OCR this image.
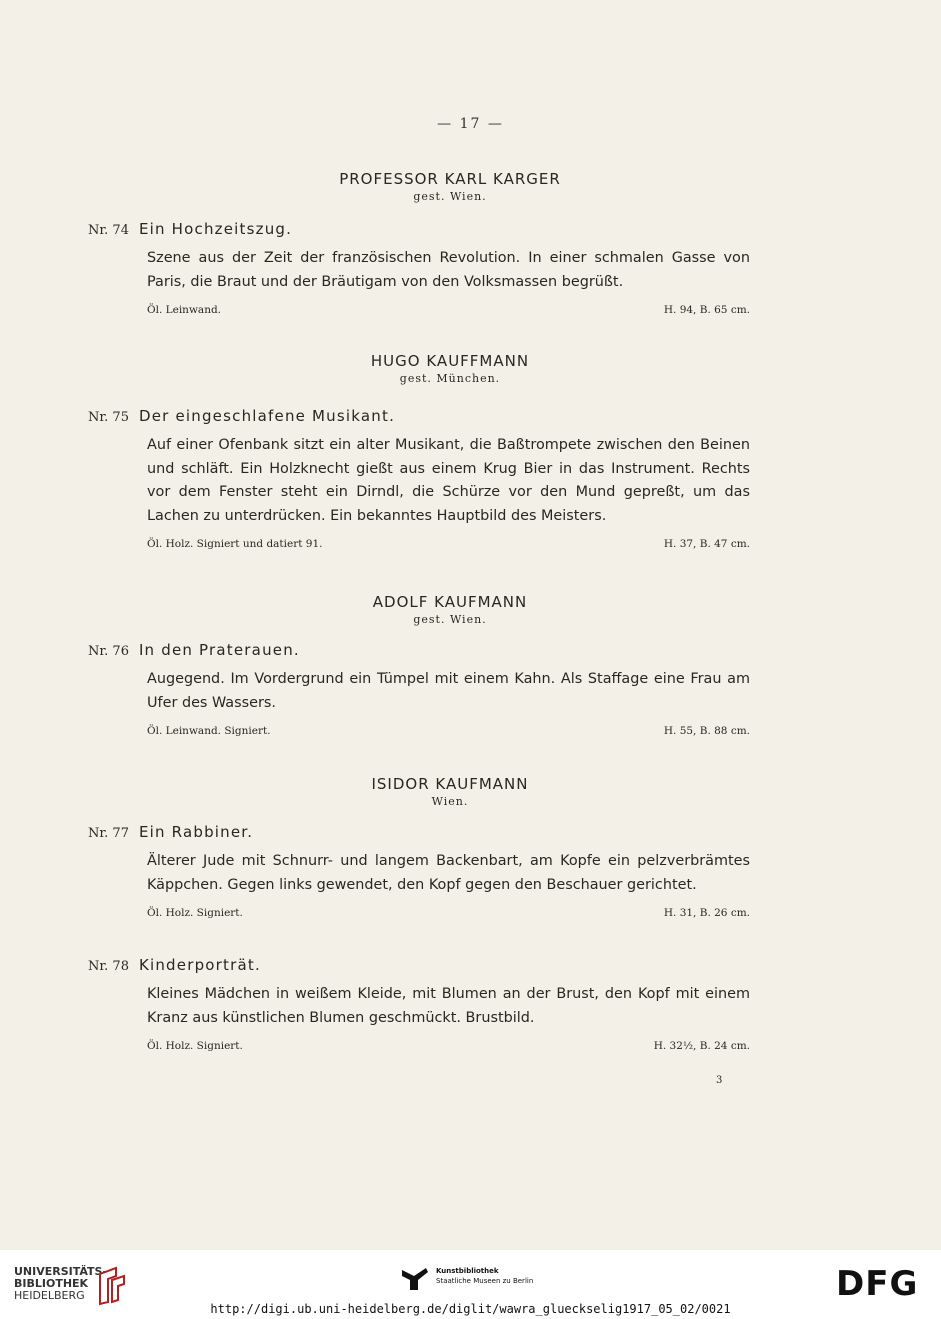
— 17 —
PROFESSOR KARL KARGER
gest. Wien.
Nr. 74 Ein Hochzeitszug.
Szene aus der Zeit der französischen Revolution. In einer schmalen Gasse von Paris, die Braut und der Bräutigam von den Volksmassen begrüßt.
Öl. Leinwand.	H. 94, B. 65 cm.
HUGO KAUFFMANN
gest. München.
Nr. 75 Der eingeschlafene Musikant.
Auf einer Ofenbank sitzt ein alter Musikant, die Baßtrompete zwischen den Beinen und schläft. Ein Holzknecht gießt aus einem Krug Bier in das Instrument. Rechts vor dem Fenster steht ein Dirndl, die Schürze vor den Mund gepreßt, um das Lachen zu unterdrücken. Ein bekanntes Hauptbild des Meisters.
Öl. Holz. Signiert und datiert 91.	H. 37, B. 47 cm.
ADOLF KAUFMANN
gest. Wien.
Nr. 76 In den Praterauen.
Augegend. Im Vordergrund ein Tümpel mit einem Kahn. Als Staffage eine Frau am Ufer des Wassers.
Öl. Leinwand. Signiert.	H. 55, B. 88 cm.
ISIDOR KAUFMANN
Wien.
Nr. 77 Ein Rabbiner.
Älterer Jude mit Schnurr- und langem Backenbart, am Kopfe ein pelzverbrämtes Käppchen. Gegen links gewendet, den Kopf gegen den Beschauer gerichtet.
Öl. Holz. Signiert.	H. 31, B. 26 cm.
Nr. 78 Kinderporträt.
Kleines Mädchen in weißem Kleide, mit Blumen an der Brust, den Kopf mit einem Kranz aus künstlichen Blumen geschmückt. Brustbild.
Öl. Holz. Signiert.	H. 32½, B. 24 cm.
3
UNIVERSITÄTS-
BIBLIOTHEK
HEIDELBERG
Kunstbibliothek
Staatliche Museen zu Berlin	DFG
http://digi.ub.uni-heidelberg.de/diglit/wawra_glueckselig1917_05_02/0021
